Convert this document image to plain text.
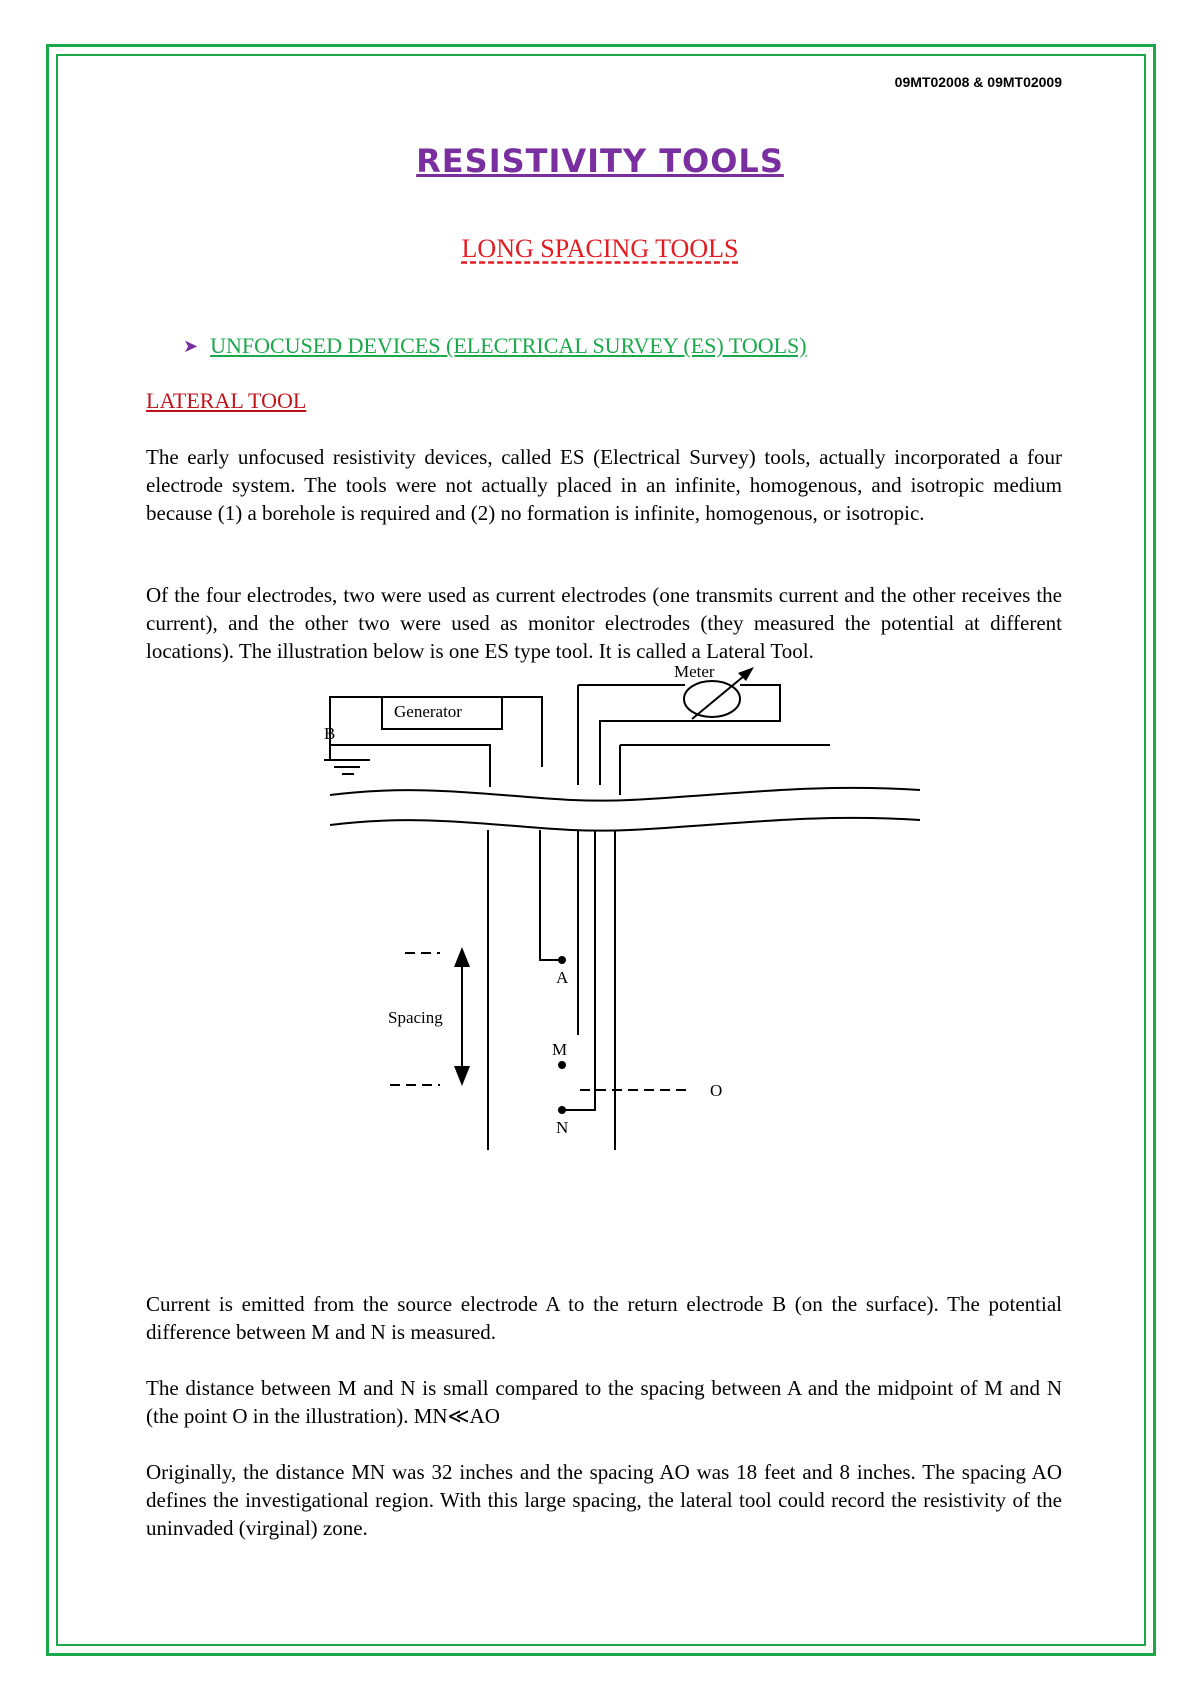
09MT02008 & 09MT02009
RESISTIVITY TOOLS
LONG SPACING TOOLS
➤ UNFOCUSED DEVICES (ELECTRICAL SURVEY (ES) TOOLS)
LATERAL TOOL

The early unfocused resistivity devices, called ES (Electrical Survey) tools, actually incorporated a four electrode system. The tools were not actually placed in an infinite, homogenous, and isotropic medium because (1) a borehole is required and (2) no formation is infinite, homogenous, or isotropic.

Of the four electrodes, two were used as current electrodes (one transmits current and the other receives the current), and the other two were used as monitor electrodes (they measured the potential at different locations). The illustration below is one ES type tool. It is called a Lateral Tool.

Generator
Meter
B
A
M
N
O
Spacing

Current is emitted from the source electrode A to the return electrode B (on the surface). The potential difference between M and N is measured.

The distance between M and N is small compared to the spacing between A and the midpoint of M and N (the point O in the illustration). MN≪AO

Originally, the distance MN was 32 inches and the spacing AO was 18 feet and 8 inches. The spacing AO defines the investigational region. With this large spacing, the lateral tool could record the resistivity of the uninvaded (virginal) zone.
